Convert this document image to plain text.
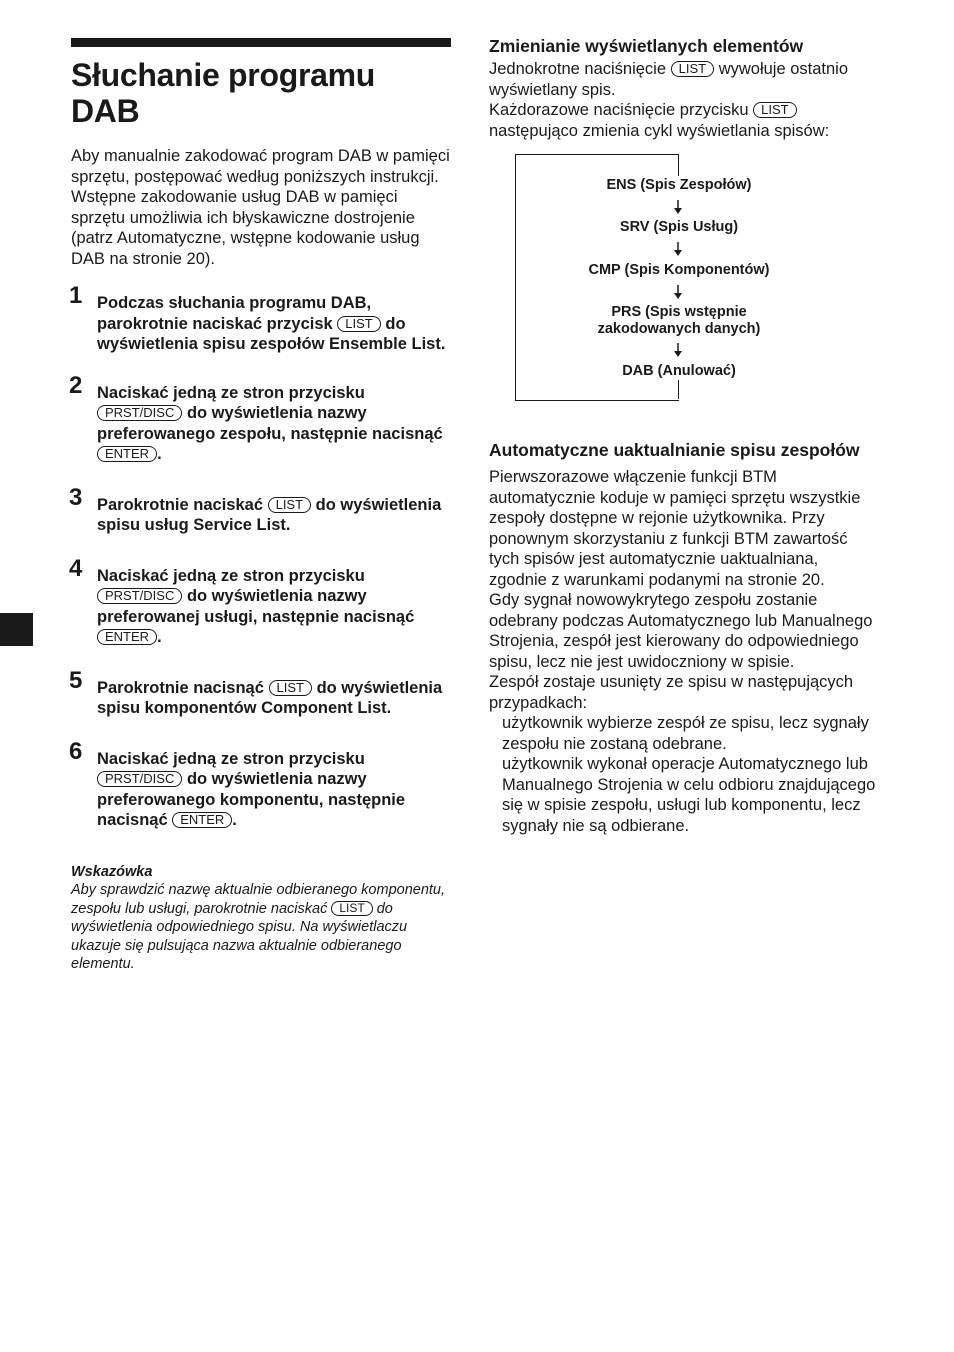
Słuchanie programu
DAB

Aby manualnie zakodować program DAB w pamięci sprzętu, postępować według poniższych instrukcji.

Wstępne zakodowanie usług DAB w pamięci sprzętu umożliwia ich błyskawiczne dostrojenie (patrz Automatyczne, wstępne kodowanie usług DAB na stronie 20).

1 Podczas słuchania programu DAB, parokrotnie naciskać przycisk LIST do wyświetlenia spisu zespołów Ensemble List.
2 Naciskać jedną ze stron przycisku PRST/DISC do wyświetlenia nazwy preferowanego zespołu, następnie nacisnąć ENTER .
3 Parokrotnie naciskać LIST do wyświetlenia spisu usług Service List.
4 Naciskać jedną ze stron przycisku PRST/DISC do wyświetlenia nazwy preferowanej usługi, następnie nacisnąć ENTER .
5 Parokrotnie nacisnąć LIST do wyświetlenia spisu komponentów Component List.
6 Naciskać jedną ze stron przycisku PRST/DISC do wyświetlenia nazwy preferowanego komponentu, następnie nacisnąć ENTER .
Wskazówka
Aby sprawdzić nazwę aktualnie odbieranego komponentu, zespołu lub usługi, parokrotnie naciskać LIST do wyświetlenia odpowiedniego spisu. Na wyświetlaczu ukazuje się pulsująca nazwa aktualnie odbieranego elementu.
Zmienianie wyświetlanych elementów

Jednokrotne naciśnięcie LIST wywołuje ostatnio wyświetlany spis.

Każdorazowe naciśnięcie przycisku LIST następująco zmienia cykl wyświetlania spisów:

ENS (Spis Zespołów)
SRV (Spis Usług)
CMP (Spis Komponentów)
PRS (Spis wstępnie zakodowanych danych)
DAB (Anulować)
Automatyczne uaktualnianie spisu zespołów

Pierwszorazowe włączenie funkcji BTM automatycznie koduje w pamięci sprzętu wszystkie zespoły dostępne w rejonie użytkownika. Przy ponownym skorzystaniu z funkcji BTM zawartość tych spisów jest automatycznie uaktualniana, zgodnie z warunkami podanymi na stronie 20.

Gdy sygnał nowowykrytego zespołu zostanie odebrany podczas Automatycznego lub Manualnego Strojenia, zespół jest kierowany do odpowiedniego spisu, lecz nie jest uwidoczniony w spisie.

Zespół zostaje usunięty ze spisu w następujących przypadkach:

użytkownik wybierze zespół ze spisu, lecz sygnały zespołu nie zostaną odebrane.

użytkownik wykonał operacje Automatycznego lub Manualnego Strojenia w celu odbioru znajdującego się w spisie zespołu, usługi lub komponentu, lecz sygnały nie są odbierane.
